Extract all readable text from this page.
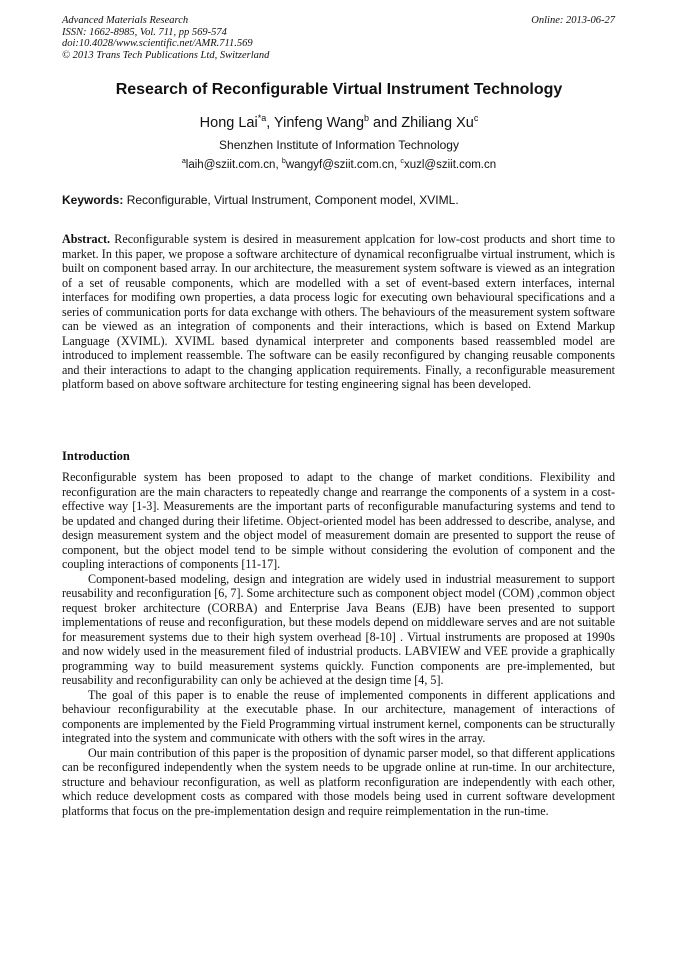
Advanced Materials Research
ISSN: 1662-8985, Vol. 711, pp 569-574
doi:10.4028/www.scientific.net/AMR.711.569
© 2013 Trans Tech Publications Ltd, Switzerland
Online: 2013-06-27
Research of Reconfigurable Virtual Instrument Technology
Hong Lai$^{*a}$, Yinfeng Wang$^b$ and Zhiliang Xu$^c$
Shenzhen Institute of Information Technology
$^a$laih@sziit.com.cn, $^b$wangyf@sziit.com.cn, $^c$xuzl@sziit.com.cn
Keywords: Reconfigurable, Virtual Instrument, Component model, XVIML.
Abstract. Reconfigurable system is desired in measurement applcation for low-cost products and short time to market. In this paper, we propose a software architecture of dynamical reconfigrualbe virtual instrument, which is built on component based array. In our architecture, the measurement system software is viewed as an integration of a set of reusable components, which are modelled with a set of event-based extern interfaces, internal interfaces for modifing own properties, a data process logic for executing own behavioural specifications and a series of communication ports for data exchange with others. The behaviours of the measurement system software can be viewed as an integration of components and their interactions, which is based on Extend Markup Language (XVIML). XVIML based dynamical interpreter and components based reassembled model are introduced to implement reassemble. The software can be easily reconfigured by changing reusable components and their interactions to adapt to the changing application requirements. Finally, a reconfigurable measurement platform based on above software architecture for testing engineering signal has been developed.
Introduction

Reconfigurable system has been proposed to adapt to the change of market conditions. Flexibility and reconfiguration are the main characters to repeatedly change and rearrange the components of a system in a cost-effective way [1-3]. Measurements are the important parts of reconfigurable manufacturing systems and tend to be updated and changed during their lifetime. Object-oriented model has been addressed to describe, analyse, and design measurement system and the object model of measurement domain are presented to support the reuse of component, but the object model tend to be simple without considering the evolution of component and the coupling interactions of components [11-17].

Component-based modeling, design and integration are widely used in industrial measurement to support reusability and reconfiguration [6, 7]. Some architecture such as component object model (COM) ,common object request broker architecture (CORBA) and Enterprise Java Beans (EJB) have been presented to support implementations of reuse and reconfiguration, but these models depend on middleware serves and are not suitable for measurement systems due to their high system overhead [8-10] . Virtual instruments are proposed at 1990s and now widely used in the measurement filed of industrial products. LABVIEW and VEE provide a graphically programming way to build measurement systems quickly. Function components are pre-implemented, but reusability and reconfigurability can only be achieved at the design time [4, 5].

The goal of this paper is to enable the reuse of implemented components in different applications and behaviour reconfigurability at the executable phase. In our architecture, management of interactions of components are implemented by the Field Programming virtual instrument kernel, components can be structurally integrated into the system and communicate with others with the soft wires in the array.

Our main contribution of this paper is the proposition of dynamic parser model, so that different applications can be reconfigured independently when the system needs to be upgrade online at run-time. In our architecture, structure and behaviour reconfiguration, as well as platform reconfiguration are independently with each other, which reduce development costs as compared with those models being used in current software development platforms that focus on the pre-implementation design and require reimplementation in the run-time.
